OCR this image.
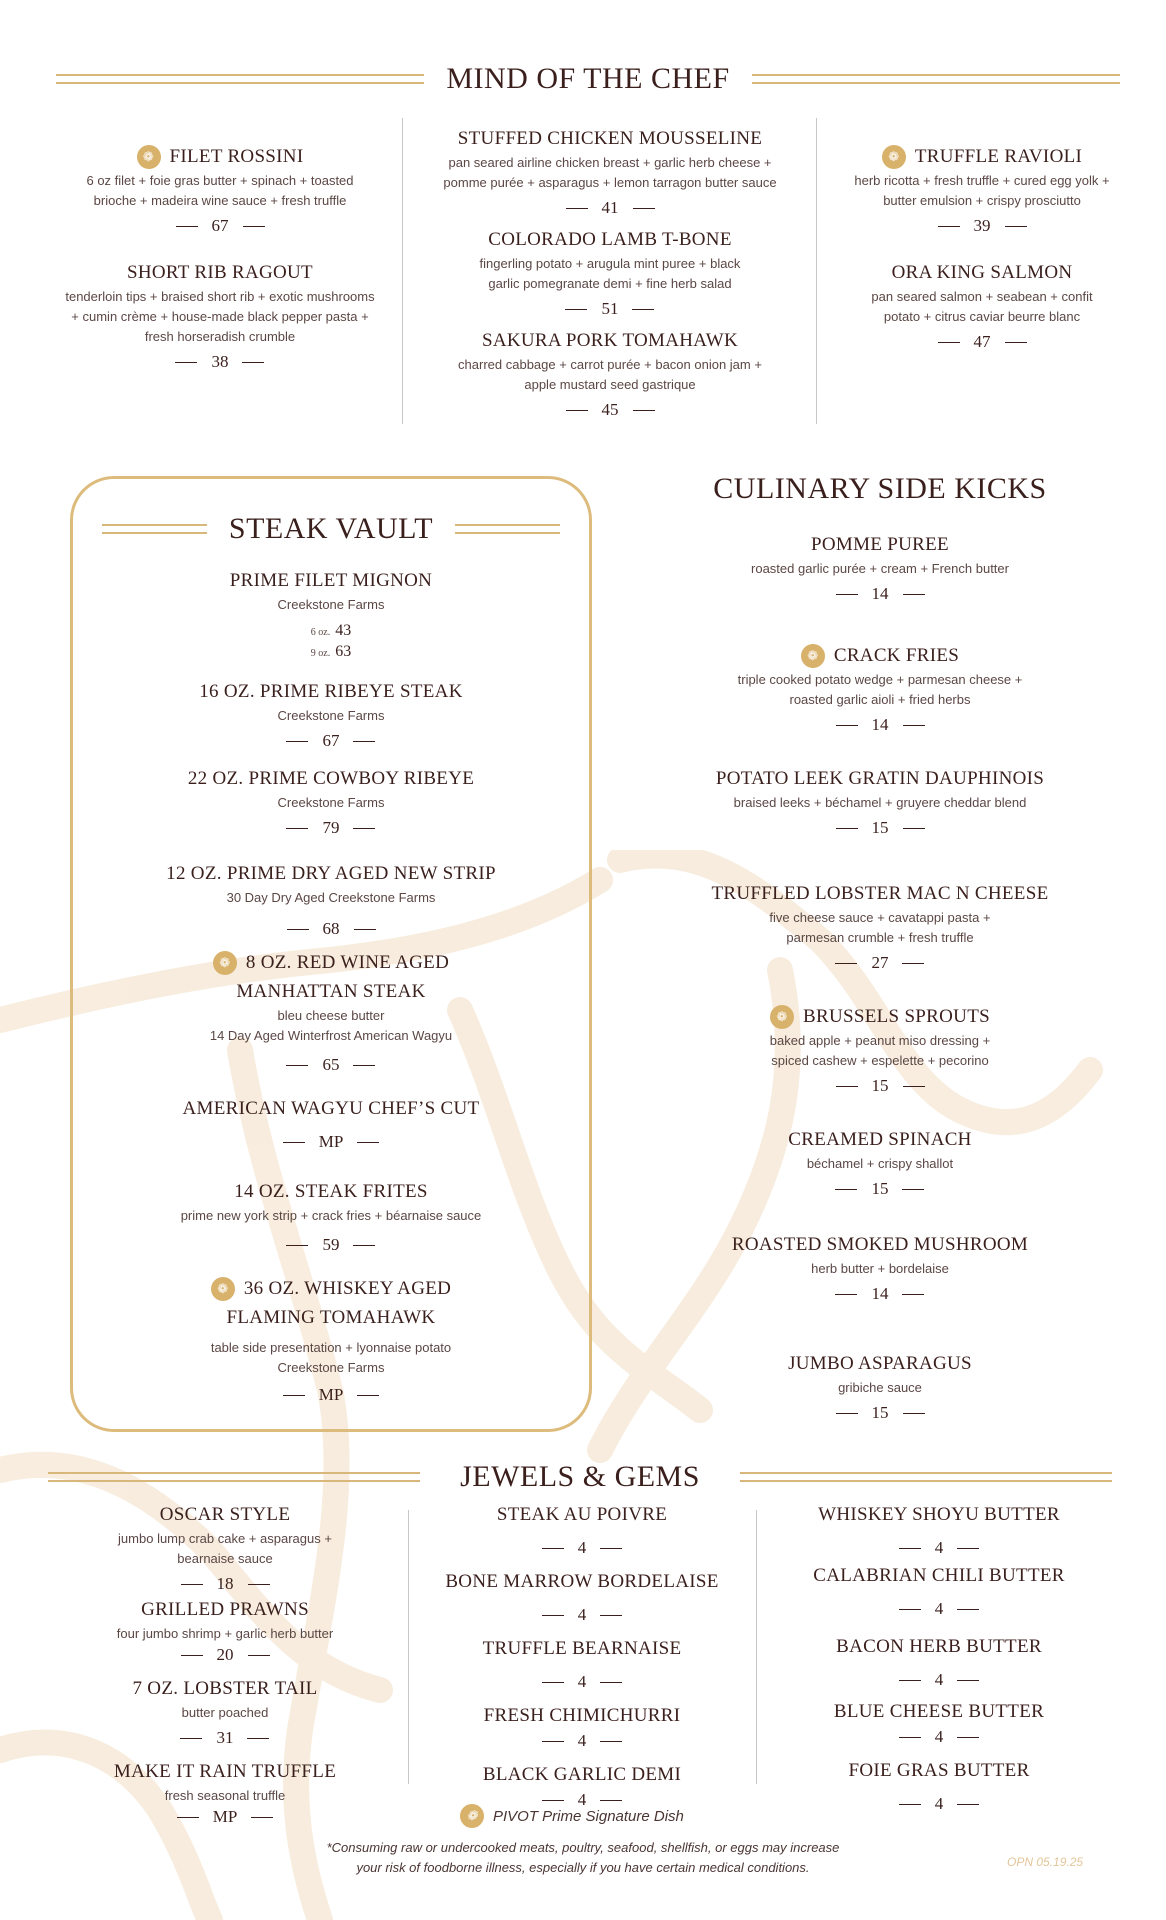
MIND OF THE CHEF
❁ FILET ROSSINI
6 oz filet + foie gras butter + spinach + toasted
brioche + madeira wine sauce + fresh truffle
67
SHORT RIB RAGOUT
tenderloin tips + braised short rib + exotic mushrooms
+ cumin crème + house-made black pepper pasta +
fresh horseradish crumble
38
STUFFED CHICKEN MOUSSELINE
pan seared airline chicken breast + garlic herb cheese +
pomme purée + asparagus + lemon tarragon butter sauce
41
COLORADO LAMB T-BONE
fingerling potato + arugula mint puree + black
garlic pomegranate demi + fine herb salad
51
SAKURA PORK TOMAHAWK
charred cabbage + carrot purée + bacon onion jam +
apple mustard seed gastrique
45
❁ TRUFFLE RAVIOLI
herb ricotta + fresh truffle + cured egg yolk +
butter emulsion + crispy prosciutto
39
ORA KING SALMON
pan seared salmon + seabean + confit
potato + citrus caviar beurre blanc
47
STEAK VAULT
PRIME FILET MIGNON
Creekstone Farms
6 oz. 43
9 oz. 63
16 OZ. PRIME RIBEYE STEAK
Creekstone Farms
67
22 OZ. PRIME COWBOY RIBEYE
Creekstone Farms
79
12 OZ. PRIME DRY AGED NEW STRIP
30 Day Dry Aged Creekstone Farms
68
❁ 8 OZ. RED WINE AGED
MANHATTAN STEAK
bleu cheese butter
14 Day Aged Winterfrost American Wagyu
65
AMERICAN WAGYU CHEF’S CUT
MP
14 OZ. STEAK FRITES
prime new york strip + crack fries + béarnaise sauce
59
❁ 36 OZ. WHISKEY AGED
FLAMING TOMAHAWK
table side presentation + lyonnaise potato
Creekstone Farms
MP
CULINARY SIDE KICKS
POMME PUREE
roasted garlic purée + cream + French butter
14
❁ CRACK FRIES
triple cooked potato wedge + parmesan cheese +
roasted garlic aioli + fried herbs
14
POTATO LEEK GRATIN DAUPHINOIS
braised leeks + béchamel + gruyere cheddar blend
15
TRUFFLED LOBSTER MAC N CHEESE
five cheese sauce + cavatappi pasta +
parmesan crumble + fresh truffle
27
❁ BRUSSELS SPROUTS
baked apple + peanut miso dressing +
spiced cashew + espelette + pecorino
15
CREAMED SPINACH
béchamel + crispy shallot
15
ROASTED SMOKED MUSHROOM
herb butter + bordelaise
14
JUMBO ASPARAGUS
gribiche sauce
15
JEWELS & GEMS
OSCAR STYLE
jumbo lump crab cake + asparagus +
bearnaise sauce
18
GRILLED PRAWNS
four jumbo shrimp + garlic herb butter
20
7 OZ. LOBSTER TAIL
butter poached
31
MAKE IT RAIN TRUFFLE
fresh seasonal truffle
MP
STEAK AU POIVRE
4
BONE MARROW BORDELAISE
4
TRUFFLE BEARNAISE
4
FRESH CHIMICHURRI
4
BLACK GARLIC DEMI
4
WHISKEY SHOYU BUTTER
4
CALABRIAN CHILI BUTTER
4
BACON HERB BUTTER
4
BLUE CHEESE BUTTER
4
FOIE GRAS BUTTER
4
❁	PIVOT Prime Signature Dish
*Consuming raw or undercooked meats, poultry, seafood, shellfish, or eggs may increase
your risk of foodborne illness, especially if you have certain medical conditions.	OPN 05.19.25
